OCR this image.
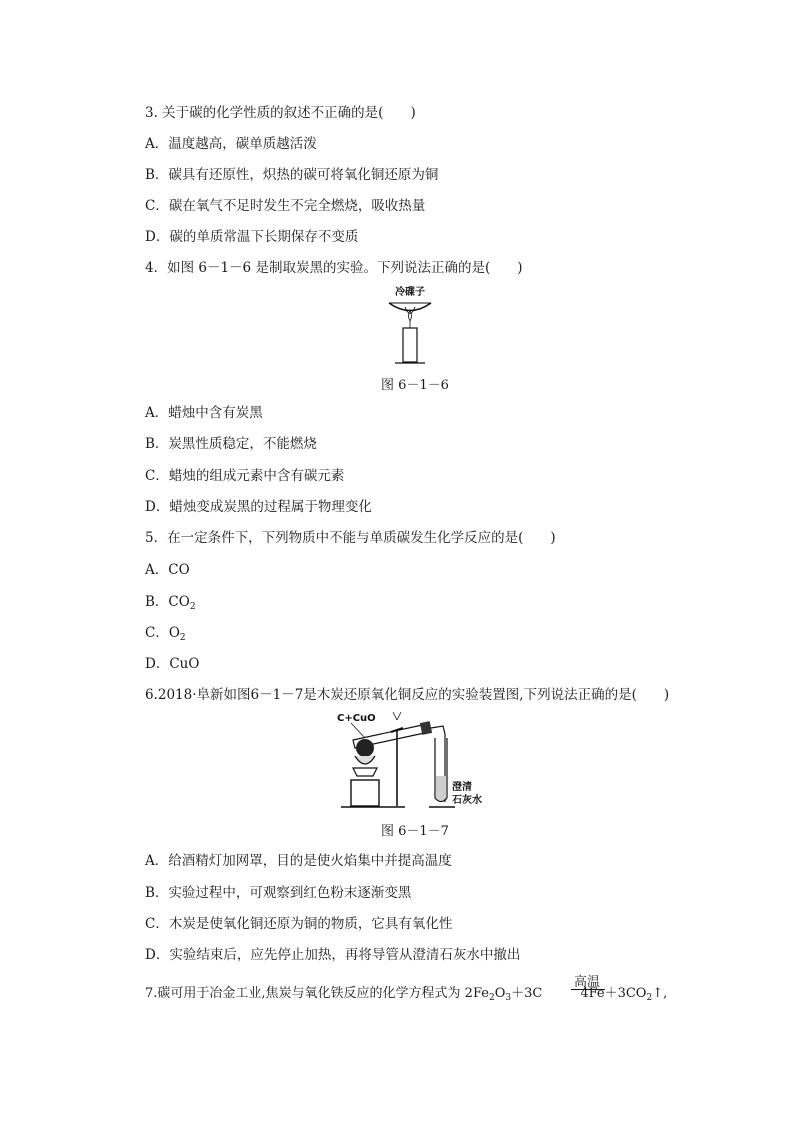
3. 关于碳的化学性质的叙述不正确的是(　　)
A．温度越高，碳单质越活泼
B．碳具有还原性，炽热的碳可将氧化铜还原为铜
C．碳在氧气不足时发生不完全燃烧，吸收热量
D．碳的单质常温下长期保存不变质
4．如图 6－1－6 是制取炭黑的实验。下列说法正确的是(　　)
冷碟子
图 6－1－6
A．蜡烛中含有炭黑
B．炭黑性质稳定，不能燃烧
C．蜡烛的组成元素中含有碳元素
D．蜡烛变成炭黑的过程属于物理变化
5．在一定条件下，下列物质中不能与单质碳发生化学反应的是(　　)
A．CO
B．$CO_2$
C．$O_2$
D．CuO
6.2018·阜新如图6－1－7是木炭还原氧化铜反应的实验装置图,下列说法正确的是(　　)
C+CuO
澄清
石灰水
图 6－1－7
A．给酒精灯加网罩，目的是使火焰集中并提高温度
B．实验过程中，可观察到红色粉末逐渐变黑
C．木炭是使氧化铜还原为铜的物质，它具有氧化性
D．实验结束后，应先停止加热，再将导管从澄清石灰水中撤出
高温
7.碳可用于冶金工业,焦炭与氧化铁反应的化学方程式为 $2Fe_2O_3+3C$	$4Fe+3CO_2↑$,
